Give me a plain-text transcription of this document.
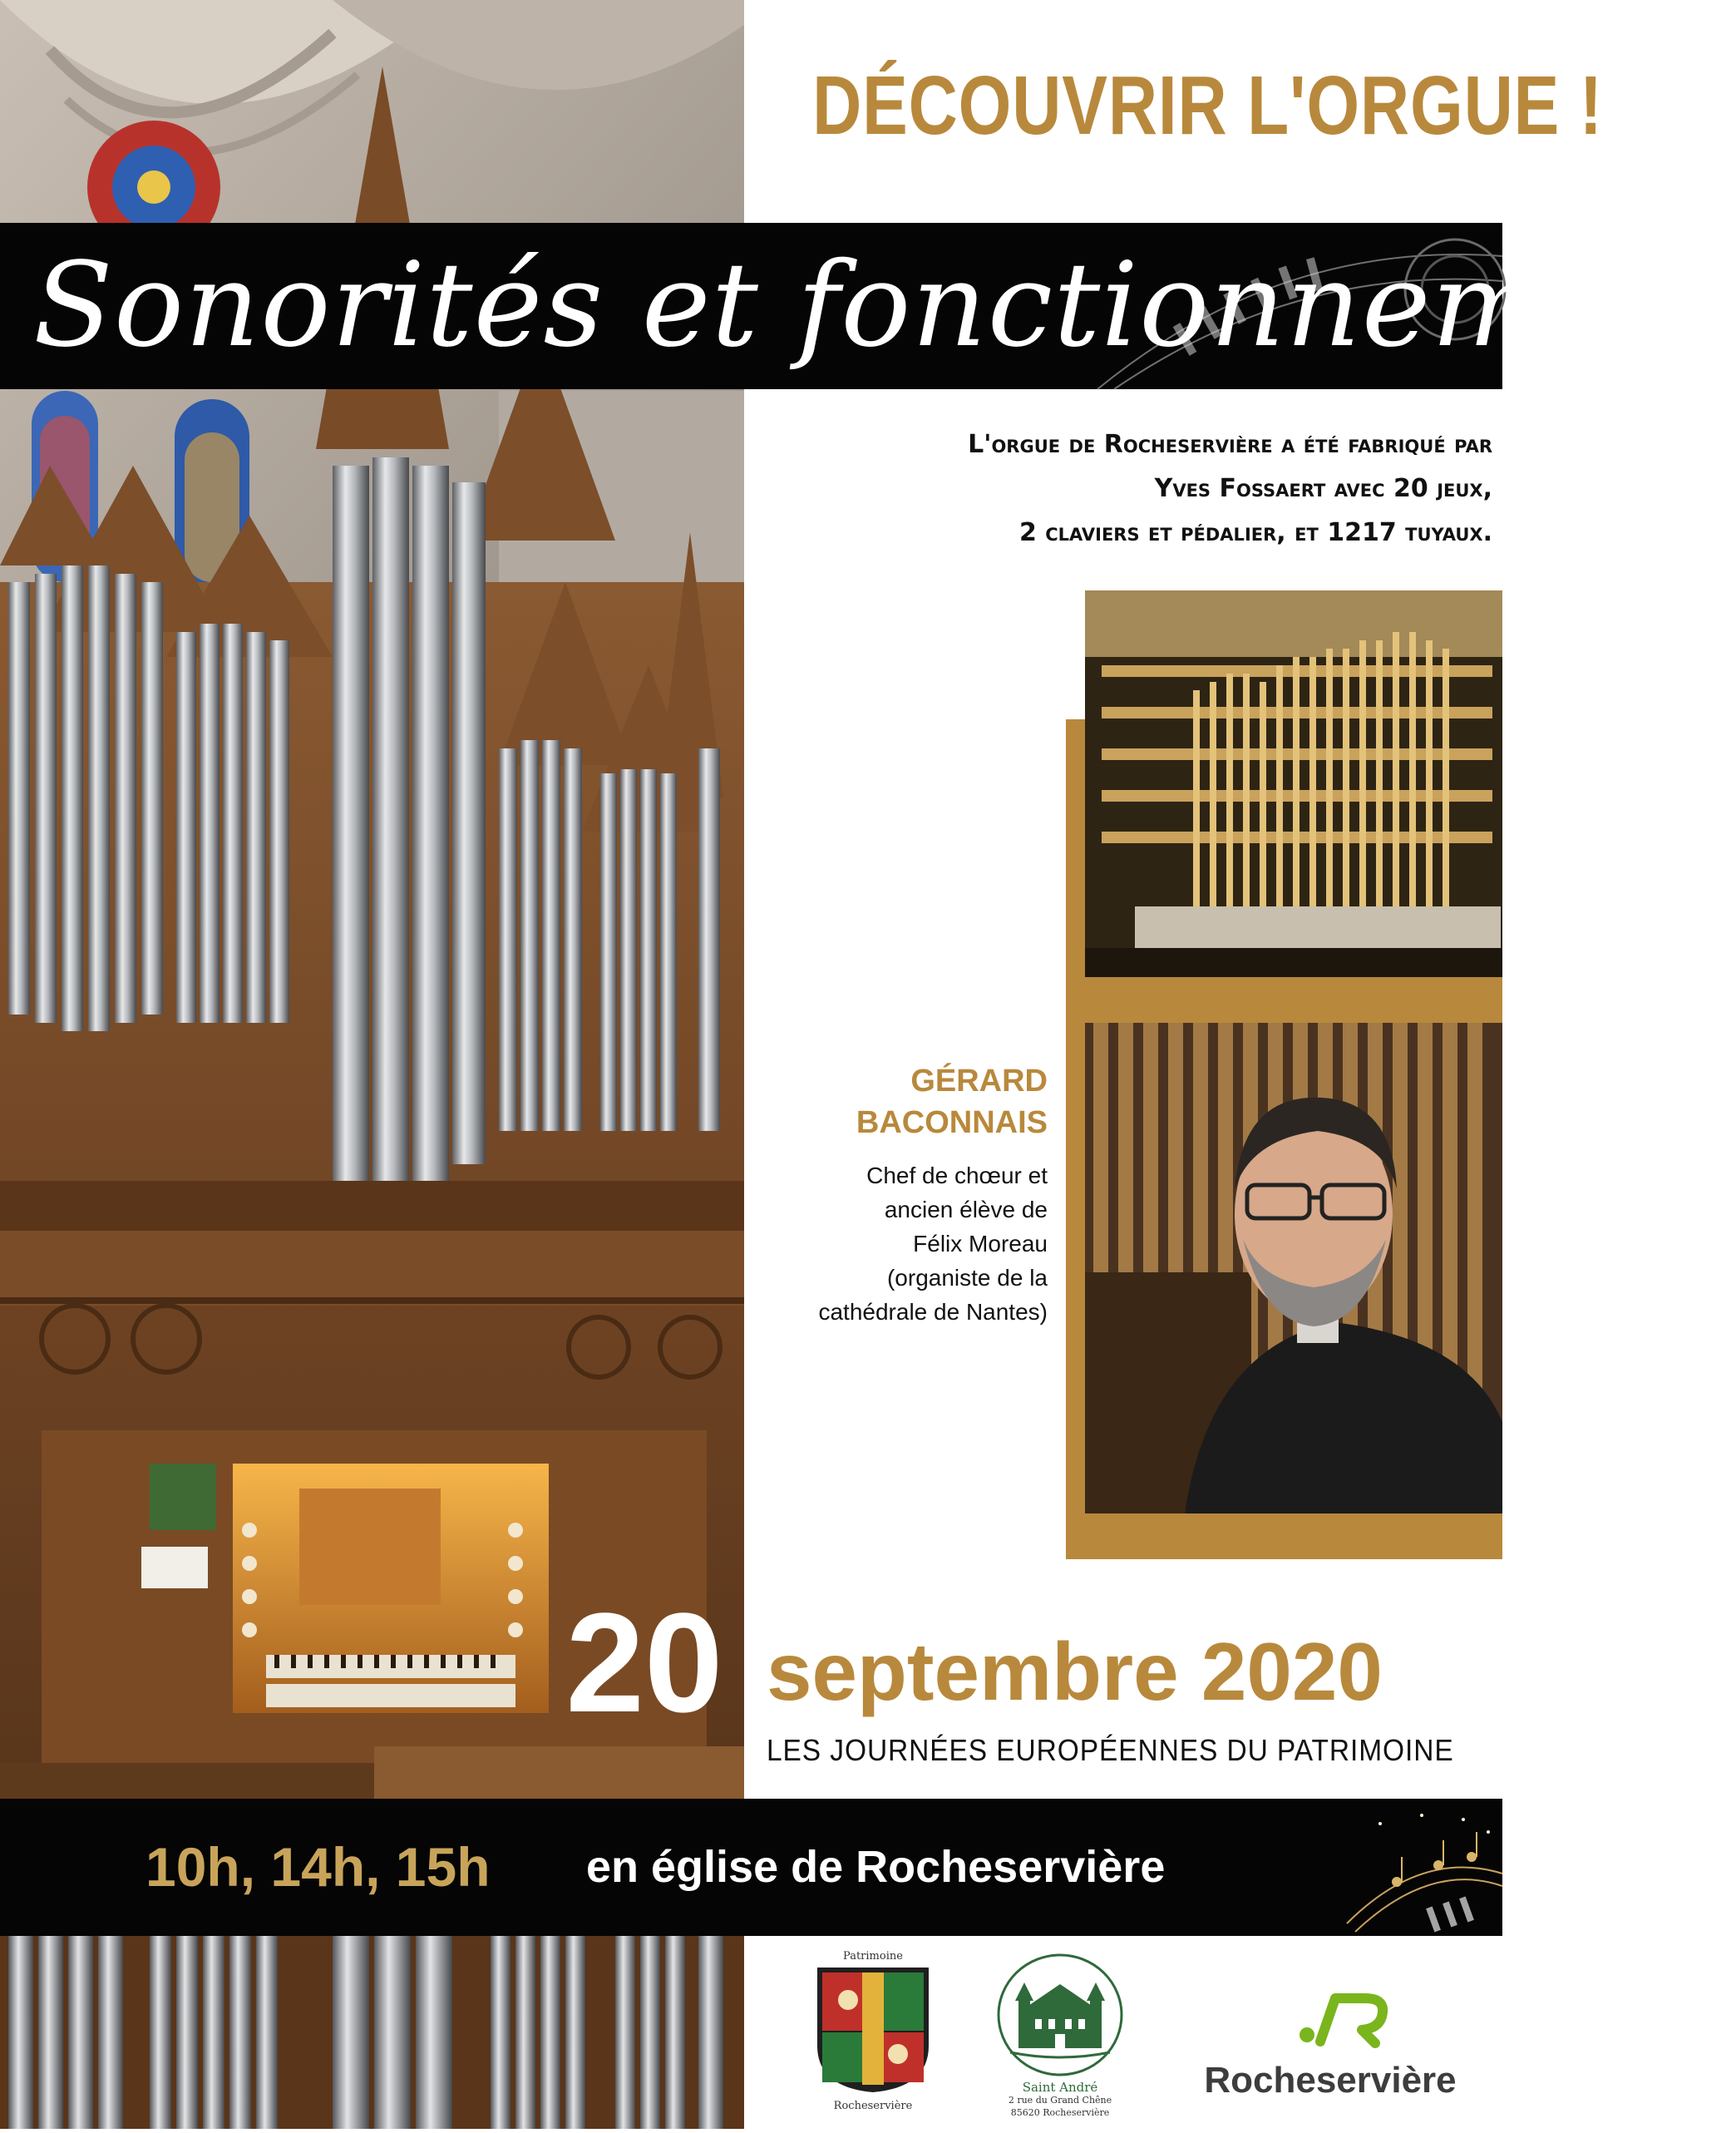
DÉCOUVRIR L'ORGUE !
Sonorités et fonctionnement
L'orgue de Rocheservière a été fabriqué par
Yves Fossaert avec 20 jeux,
2 claviers et pédalier, et 1217 tuyaux.
GÉRARD
BACONNAIS
Chef de chœur et
ancien élève de
Félix Moreau
(organiste de la
cathédrale de Nantes)
20 septembre 2020
LES JOURNÉES EUROPÉENNES DU PATRIMOINE
10h, 14h, 15h en église de Rocheservière
Patrimoine
Rocheservière
Saint André
2 rue du Grand Chêne
85620 Rocheservière
Rocheservière
